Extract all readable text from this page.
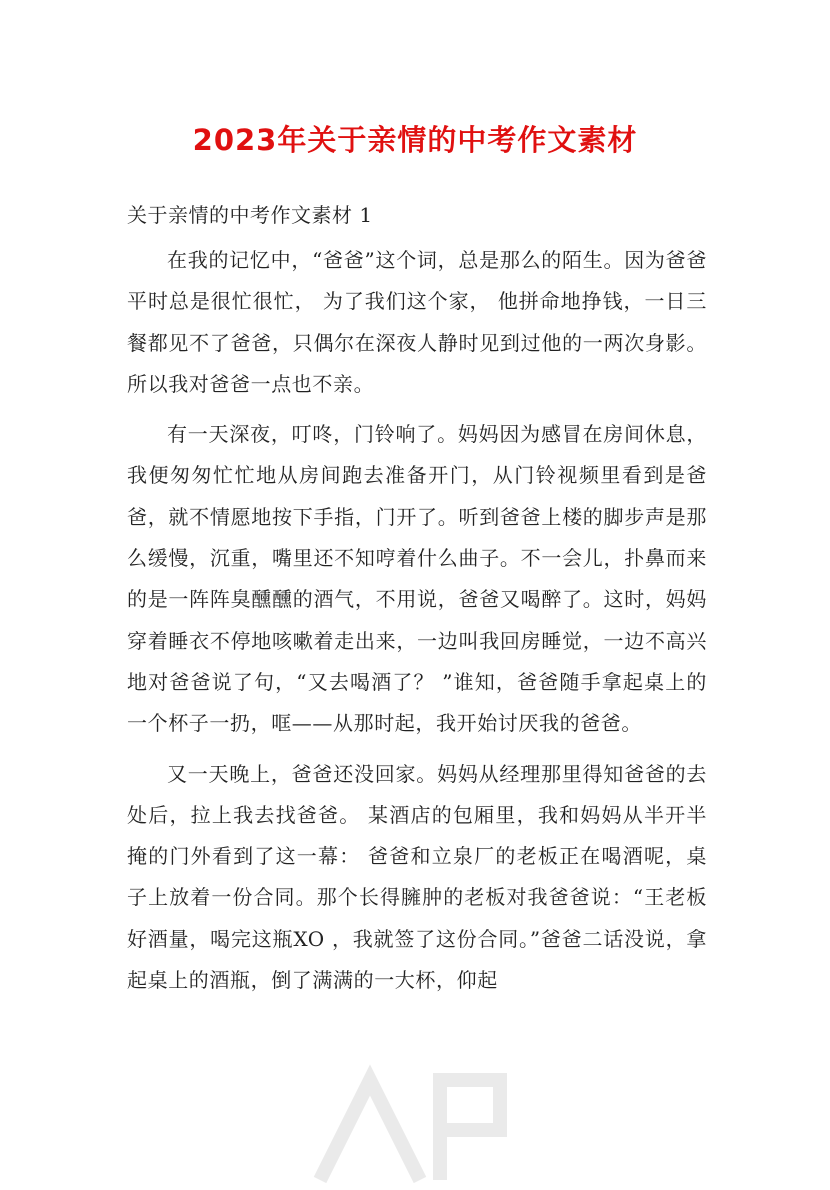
2023年关于亲情的中考作文素材

关于亲情的中考作文素材 1

在我的记忆中，“爸爸”这个词，总是那么的陌生。因为爸爸平时总是很忙很忙， 为了我们这个家， 他拼命地挣钱，一日三餐都见不了爸爸，只偶尔在深夜人静时见到过他的一两次身影。所以我对爸爸一点也不亲。

有一天深夜，叮咚，门铃响了。妈妈因为感冒在房间休息，我便匆匆忙忙地从房间跑去准备开门，从门铃视频里看到是爸爸，就不情愿地按下手指，门开了。听到爸爸上楼的脚步声是那么缓慢，沉重，嘴里还不知哼着什么曲子。不一会儿，扑鼻而来的是一阵阵臭醺醺的酒气，不用说，爸爸又喝醉了。这时，妈妈穿着睡衣不停地咳嗽着走出来，一边叫我回房睡觉，一边不高兴地对爸爸说了句，“又去喝酒了？ ”谁知，爸爸随手拿起桌上的一个杯子一扔，哐——从那时起，我开始讨厌我的爸爸。

又一天晚上，爸爸还没回家。妈妈从经理那里得知爸爸的去处后，拉上我去找爸爸。 某酒店的包厢里，我和妈妈从半开半掩的门外看到了这一幕： 爸爸和立泉厂的老板正在喝酒呢，桌子上放着一份合同。那个长得臃肿的老板对我爸爸说：“王老板好酒量，喝完这瓶XO ，我就签了这份合同。”爸爸二话没说，拿起桌上的酒瓶，倒了满满的一大杯，仰起
